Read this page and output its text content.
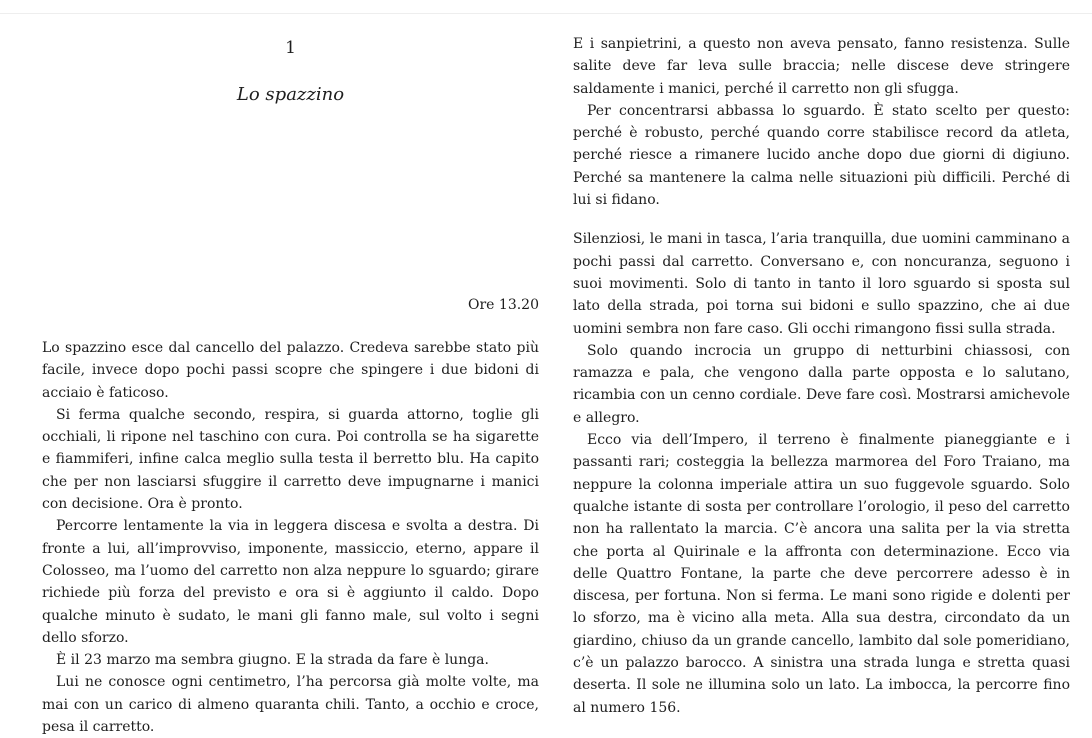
1
Lo spazzino
Ore 13.20

Lo spazzino esce dal cancello del palazzo. Credeva sarebbe stato più facile, invece dopo pochi passi scopre che spingere i due bidoni di acciaio è faticoso.

Si ferma qualche secondo, respira, si guarda attorno, toglie gli occhiali, li ripone nel taschino con cura. Poi controlla se ha sigarette e fiammiferi, infine calca meglio sulla testa il berretto blu. Ha capito che per non lasciarsi sfuggire il carretto deve impugnarne i manici con decisione. Ora è pronto.

Percorre lentamente la via in leggera discesa e svolta a destra. Di fronte a lui, all’improvviso, imponente, massiccio, eterno, appare il Colosseo, ma l’uomo del carretto non alza neppure lo sguardo; girare richiede più forza del previsto e ora si è aggiunto il caldo. Dopo qualche minuto è sudato, le mani gli fanno male, sul volto i segni dello sforzo.

È il 23 marzo ma sembra giugno. E la strada da fare è lunga.

Lui ne conosce ogni centimetro, l’ha percorsa già molte volte, ma mai con un carico di almeno quaranta chili. Tanto, a occhio e croce, pesa il carretto.

E i sanpietrini, a questo non aveva pensato, fanno resistenza. Sulle salite deve far leva sulle braccia; nelle discese deve stringere saldamente i manici, perché il carretto non gli sfugga.

Per concentrarsi abbassa lo sguardo. È stato scelto per questo: perché è robusto, perché quando corre stabilisce record da atleta, perché riesce a rimanere lucido anche dopo due giorni di digiuno. Perché sa mantenere la calma nelle situazioni più difficili. Perché di lui si fidano.

Silenziosi, le mani in tasca, l’aria tranquilla, due uomini camminano a pochi passi dal carretto. Conversano e, con noncuranza, seguono i suoi movimenti. Solo di tanto in tanto il loro sguardo si sposta sul lato della strada, poi torna sui bidoni e sullo spazzino, che ai due uomini sembra non fare caso. Gli occhi rimangono fissi sulla strada.

Solo quando incrocia un gruppo di netturbini chiassosi, con ramazza e pala, che vengono dalla parte opposta e lo salutano, ricambia con un cenno cordiale. Deve fare così. Mostrarsi amichevole e allegro.

Ecco via dell’Impero, il terreno è finalmente pianeggiante e i passanti rari; costeggia la bellezza marmorea del Foro Traiano, ma neppure la colonna imperiale attira un suo fuggevole sguardo. Solo qualche istante di sosta per controllare l’orologio, il peso del carretto non ha rallentato la marcia. C’è ancora una salita per la via stretta che porta al Quirinale e la affronta con determinazione. Ecco via delle Quattro Fontane, la parte che deve percorrere adesso è in discesa, per fortuna. Non si ferma. Le mani sono rigide e dolenti per lo sforzo, ma è vicino alla meta. Alla sua destra, circondato da un giardino, chiuso da un grande cancello, lambito dal sole pomeridiano, c’è un palazzo barocco. A sinistra una strada lunga e stretta quasi deserta. Il sole ne illumina solo un lato. La imbocca, la percorre fino al numero 156.
